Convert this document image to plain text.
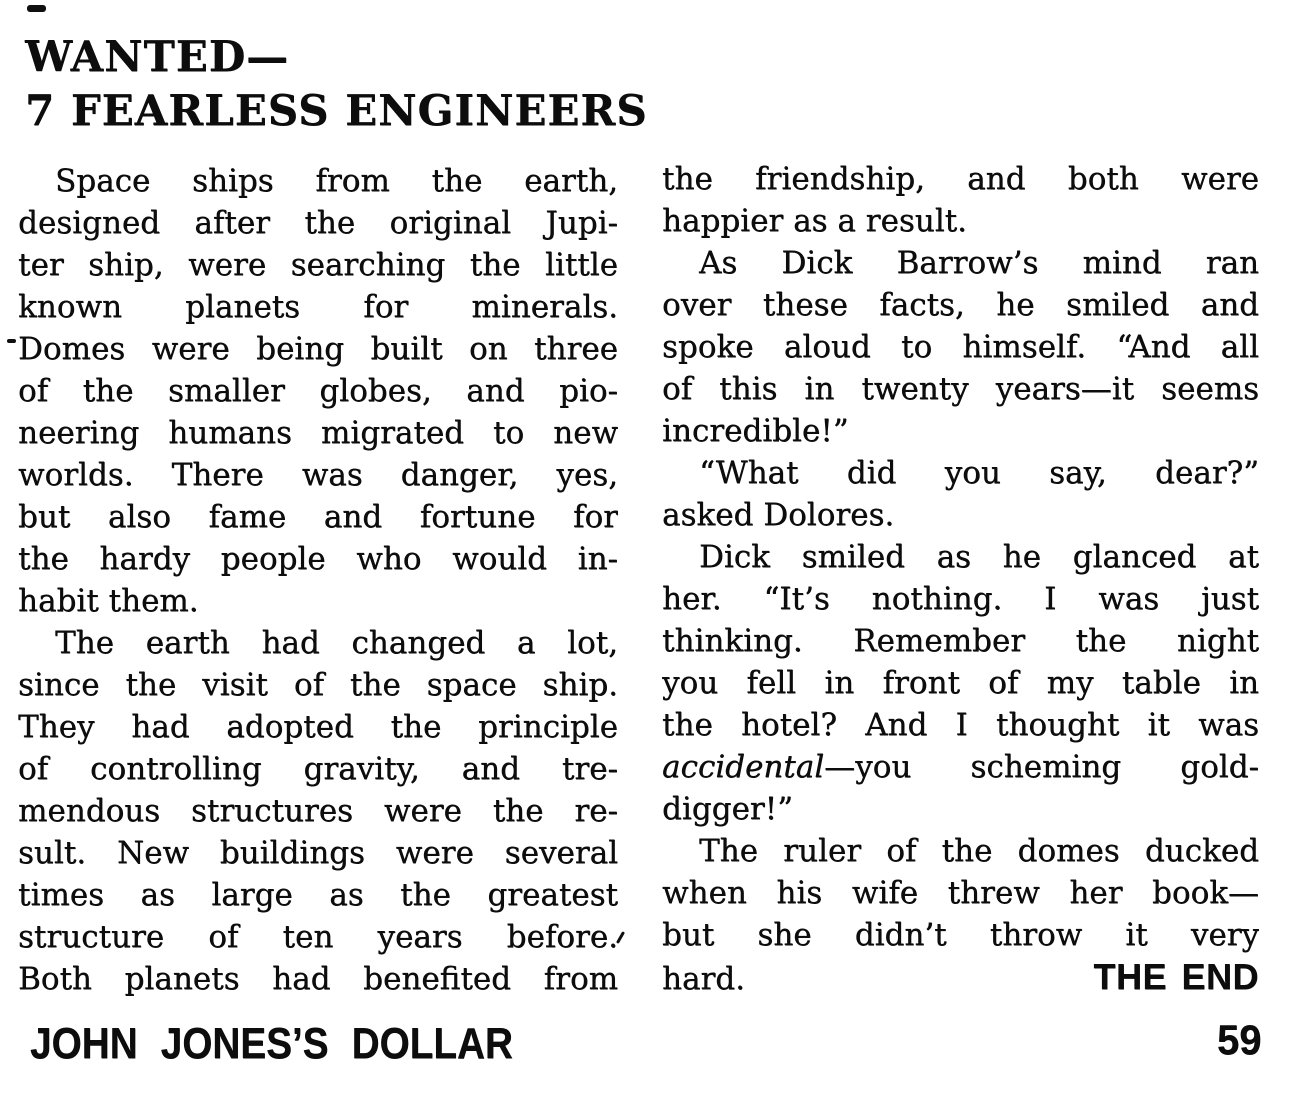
WANTED—
7 FEARLESS ENGINEERS
Space ships from the earth,
designed after the original Jupi-
ter ship, were searching the little
known planets for minerals.
Domes were being built on three
of the smaller globes, and pio-
neering humans migrated to new
worlds. There was danger, yes,
but also fame and fortune for
the hardy people who would in-
habit them.
The earth had changed a lot,
since the visit of the space ship.
They had adopted the principle
of controlling gravity, and tre-
mendous structures were the re-
sult. New buildings were several
times as large as the greatest
structure of ten years before.
Both planets had benefited from
the friendship, and both were
happier as a result.
As Dick Barrow’s mind ran
over these facts, he smiled and
spoke aloud to himself. “And all
of this in twenty years—it seems
incredible!”
“What did you say, dear?”
asked Dolores.
Dick smiled as he glanced at
her. “It’s nothing. I was just
thinking. Remember the night
you fell in front of my table in
the hotel? And I thought it was
accidental—you scheming gold-
digger!”
The ruler of the domes ducked
when his wife threw her book—
but she didn’t throw it very
hard.	THE END
JOHN JONES’S DOLLAR	59
